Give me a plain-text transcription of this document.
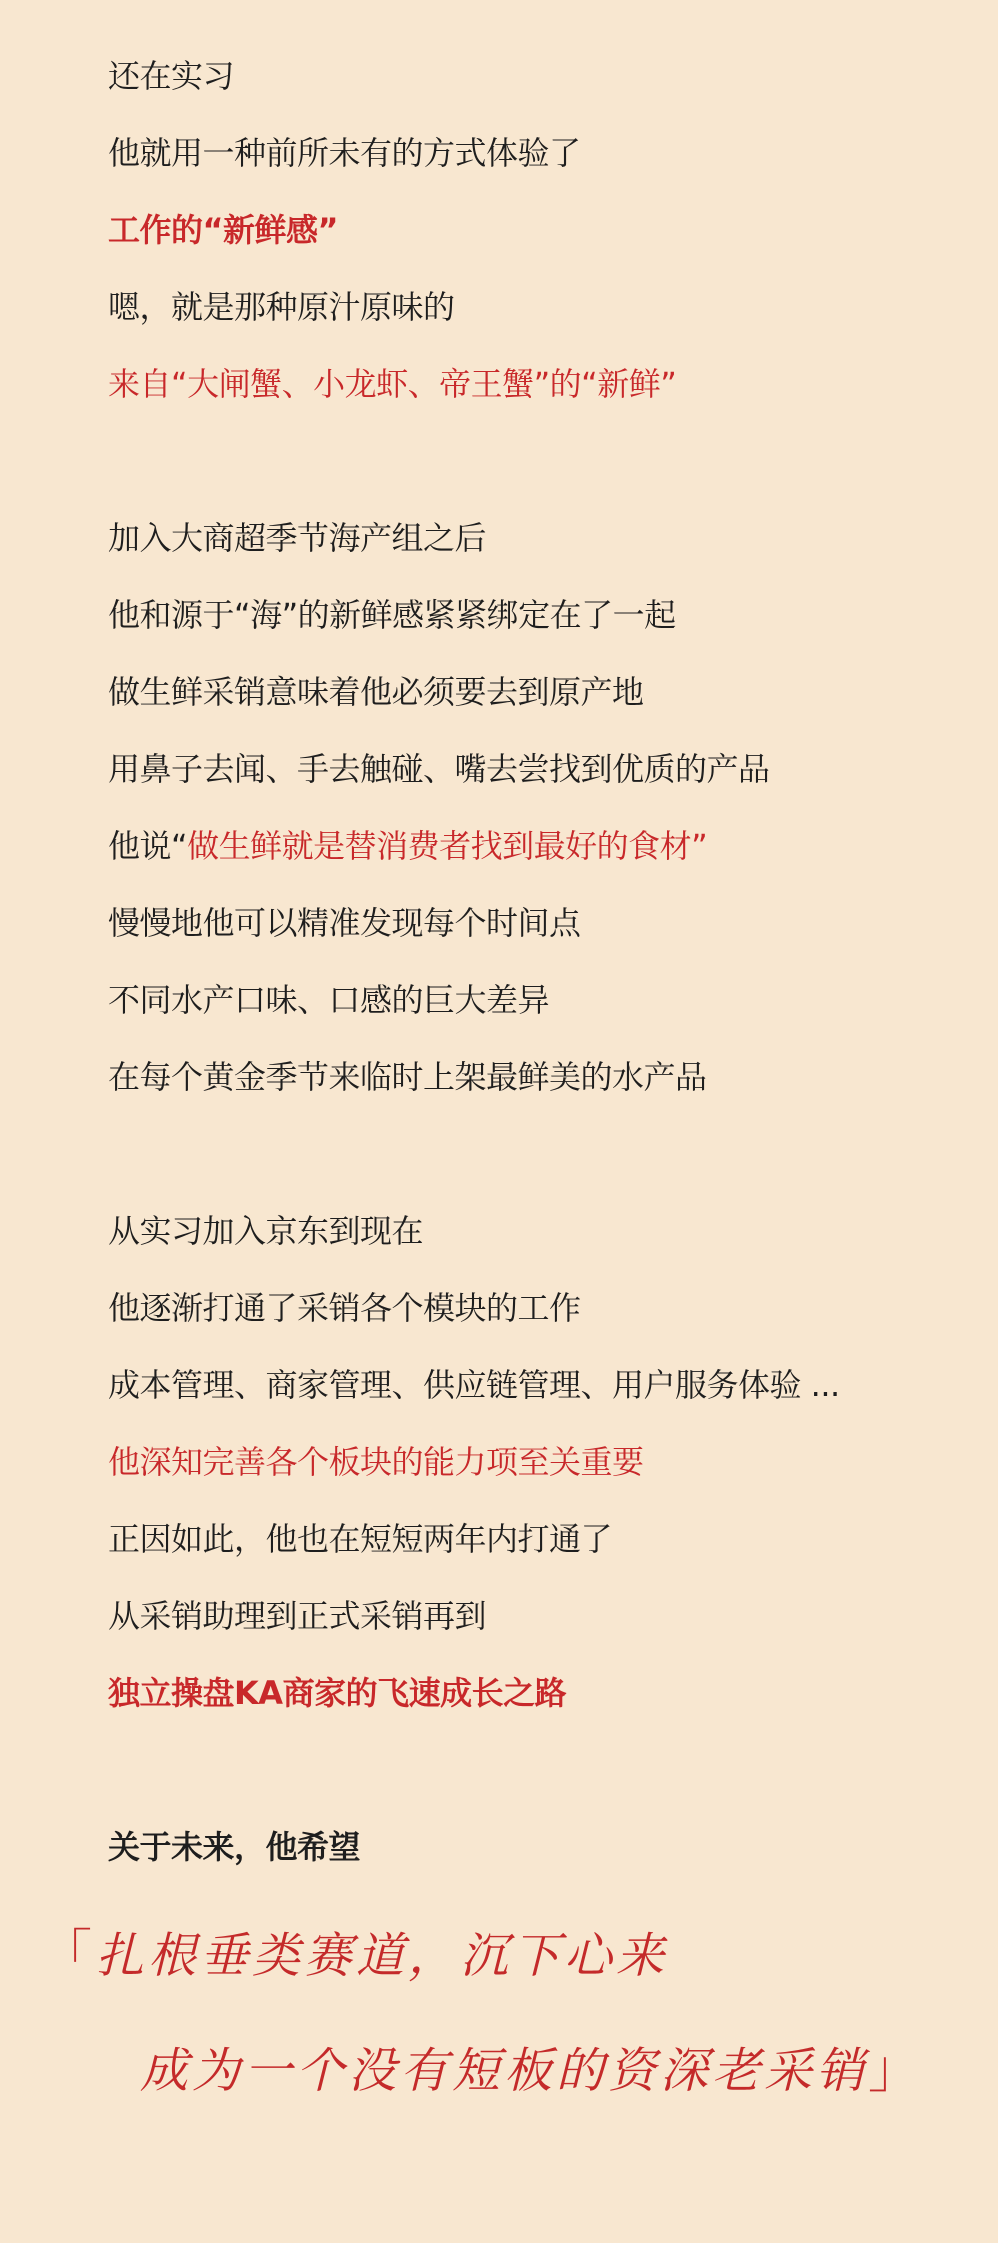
还在实习
他就用一种前所未有的方式体验了
工作的“新鲜感”
嗯，就是那种原汁原味的
来自“大闸蟹、小龙虾、帝王蟹”的“新鲜”
加入大商超季节海产组之后
他和源于“海”的新鲜感紧紧绑定在了一起
做生鲜采销意味着他必须要去到原产地
用鼻子去闻、手去触碰、嘴去尝找到优质的产品
他说“做生鲜就是替消费者找到最好的食材”
慢慢地他可以精准发现每个时间点
不同水产口味、口感的巨大差异
在每个黄金季节来临时上架最鲜美的水产品
从实习加入京东到现在
他逐渐打通了采销各个模块的工作
成本管理、商家管理、供应链管理、用户服务体验 ...
他深知完善各个板块的能力项至关重要
正因如此，他也在短短两年内打通了
从采销助理到正式采销再到
独立操盘KA商家的飞速成长之路
关于未来，他希望
「扎根垂类赛道，沉下心来
成为一个没有短板的资深老采销」
